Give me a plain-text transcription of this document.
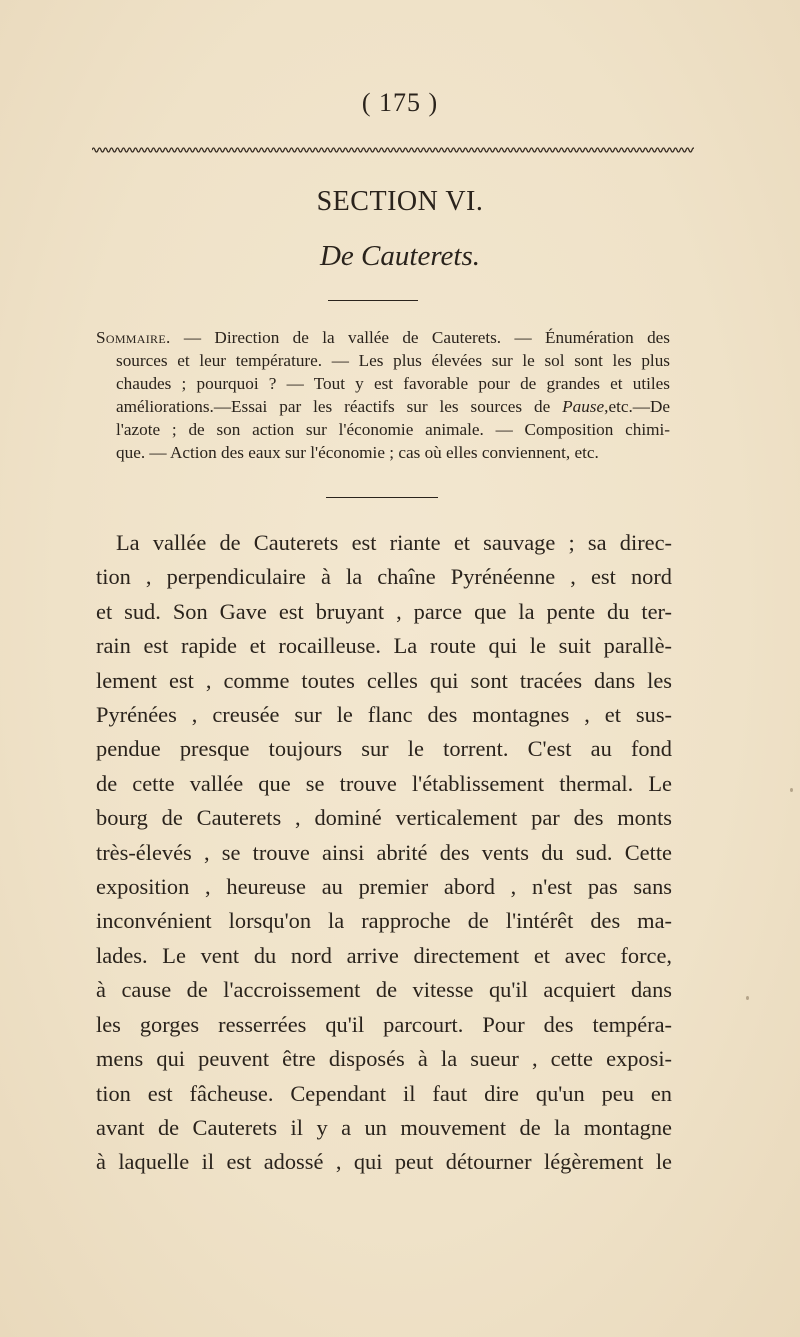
( 175 )
SECTION VI.
De Cauterets.
Sommaire. — Direction de la vallée de Cauterets. — Énumération des
sources et leur température. — Les plus élevées sur le sol sont les plus
chaudes ; pourquoi ? — Tout y est favorable pour de grandes et utiles
améliorations.—Essai par les réactifs sur les sources de Pause,etc.—De
l'azote ; de son action sur l'économie animale. — Composition chimi-
que. — Action des eaux sur l'économie ; cas où elles conviennent, etc.
La vallée de Cauterets est riante et sauvage ; sa direc-
tion , perpendiculaire à la chaîne Pyrénéenne , est nord
et sud. Son Gave est bruyant , parce que la pente du ter-
rain est rapide et rocailleuse. La route qui le suit parallè-
lement est , comme toutes celles qui sont tracées dans les
Pyrénées , creusée sur le flanc des montagnes , et sus-
pendue presque toujours sur le torrent. C'est au fond
de cette vallée que se trouve l'établissement thermal. Le
bourg de Cauterets , dominé verticalement par des monts
très-élevés , se trouve ainsi abrité des vents du sud. Cette
exposition , heureuse au premier abord , n'est pas sans
inconvénient lorsqu'on la rapproche de l'intérêt des ma-
lades. Le vent du nord arrive directement et avec force,
à cause de l'accroissement de vitesse qu'il acquiert dans
les gorges resserrées qu'il parcourt. Pour des tempéra-
mens qui peuvent être disposés à la sueur , cette exposi-
tion est fâcheuse. Cependant il faut dire qu'un peu en
avant de Cauterets il y a un mouvement de la montagne
à laquelle il est adossé , qui peut détourner légèrement le
